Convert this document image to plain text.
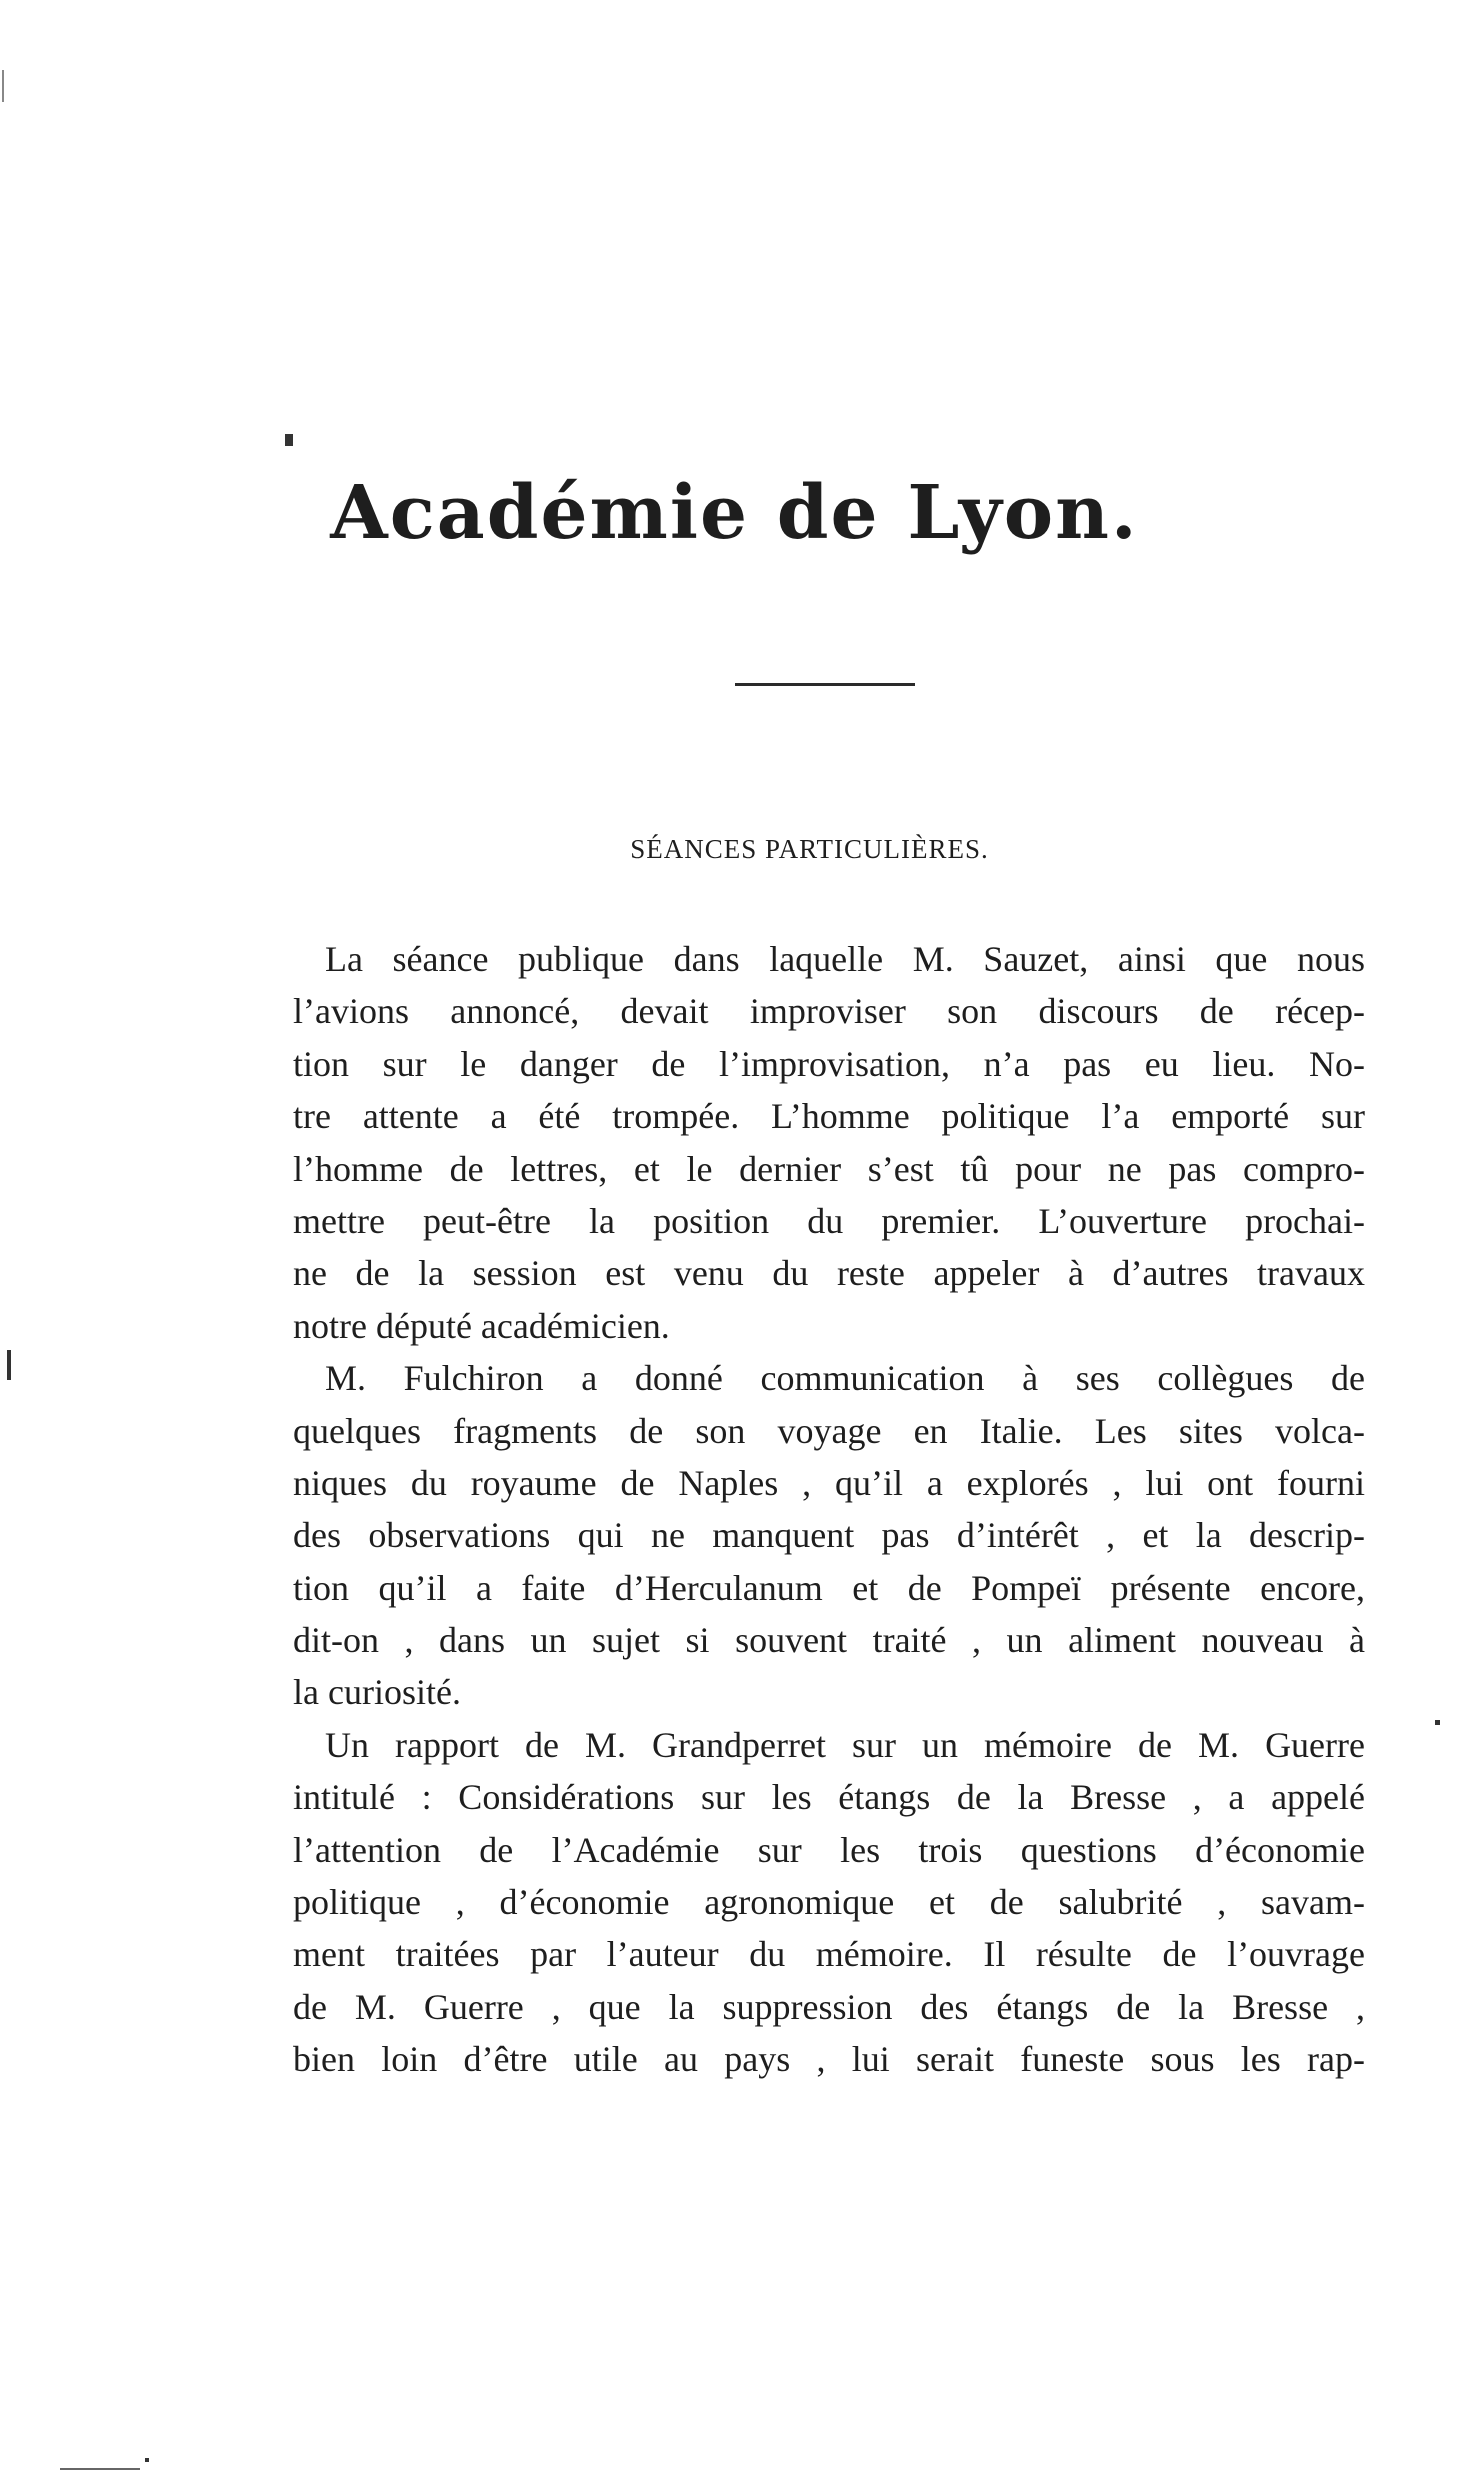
Académie de Lyon.
SÉANCES PARTICULIÈRES.
La séance publique dans laquelle M. Sauzet, ainsi que nous
l’avions annoncé, devait improviser son discours de récep-
tion sur le danger de l’improvisation, n’a pas eu lieu. No-
tre attente a été trompée. L’homme politique l’a emporté sur
l’homme de lettres, et le dernier s’est tû pour ne pas compro-
mettre peut-être la position du premier. L’ouverture prochai-
ne de la session est venu du reste appeler à d’autres travaux
notre député académicien.
M. Fulchiron a donné communication à ses collègues de
quelques fragments de son voyage en Italie. Les sites volca-
niques du royaume de Naples , qu’il a explorés , lui ont fourni
des observations qui ne manquent pas d’intérêt , et la descrip-
tion qu’il a faite d’Herculanum et de Pompeï présente encore,
dit-on , dans un sujet si souvent traité , un aliment nouveau à
la curiosité.
Un rapport de M. Grandperret sur un mémoire de M. Guerre
intitulé : Considérations sur les étangs de la Bresse , a appelé
l’attention de l’Académie sur les trois questions d’économie
politique , d’économie agronomique et de salubrité , savam-
ment traitées par l’auteur du mémoire. Il résulte de l’ouvrage
de M. Guerre , que la suppression des étangs de la Bresse ,
bien loin d’être utile au pays , lui serait funeste sous les rap-
